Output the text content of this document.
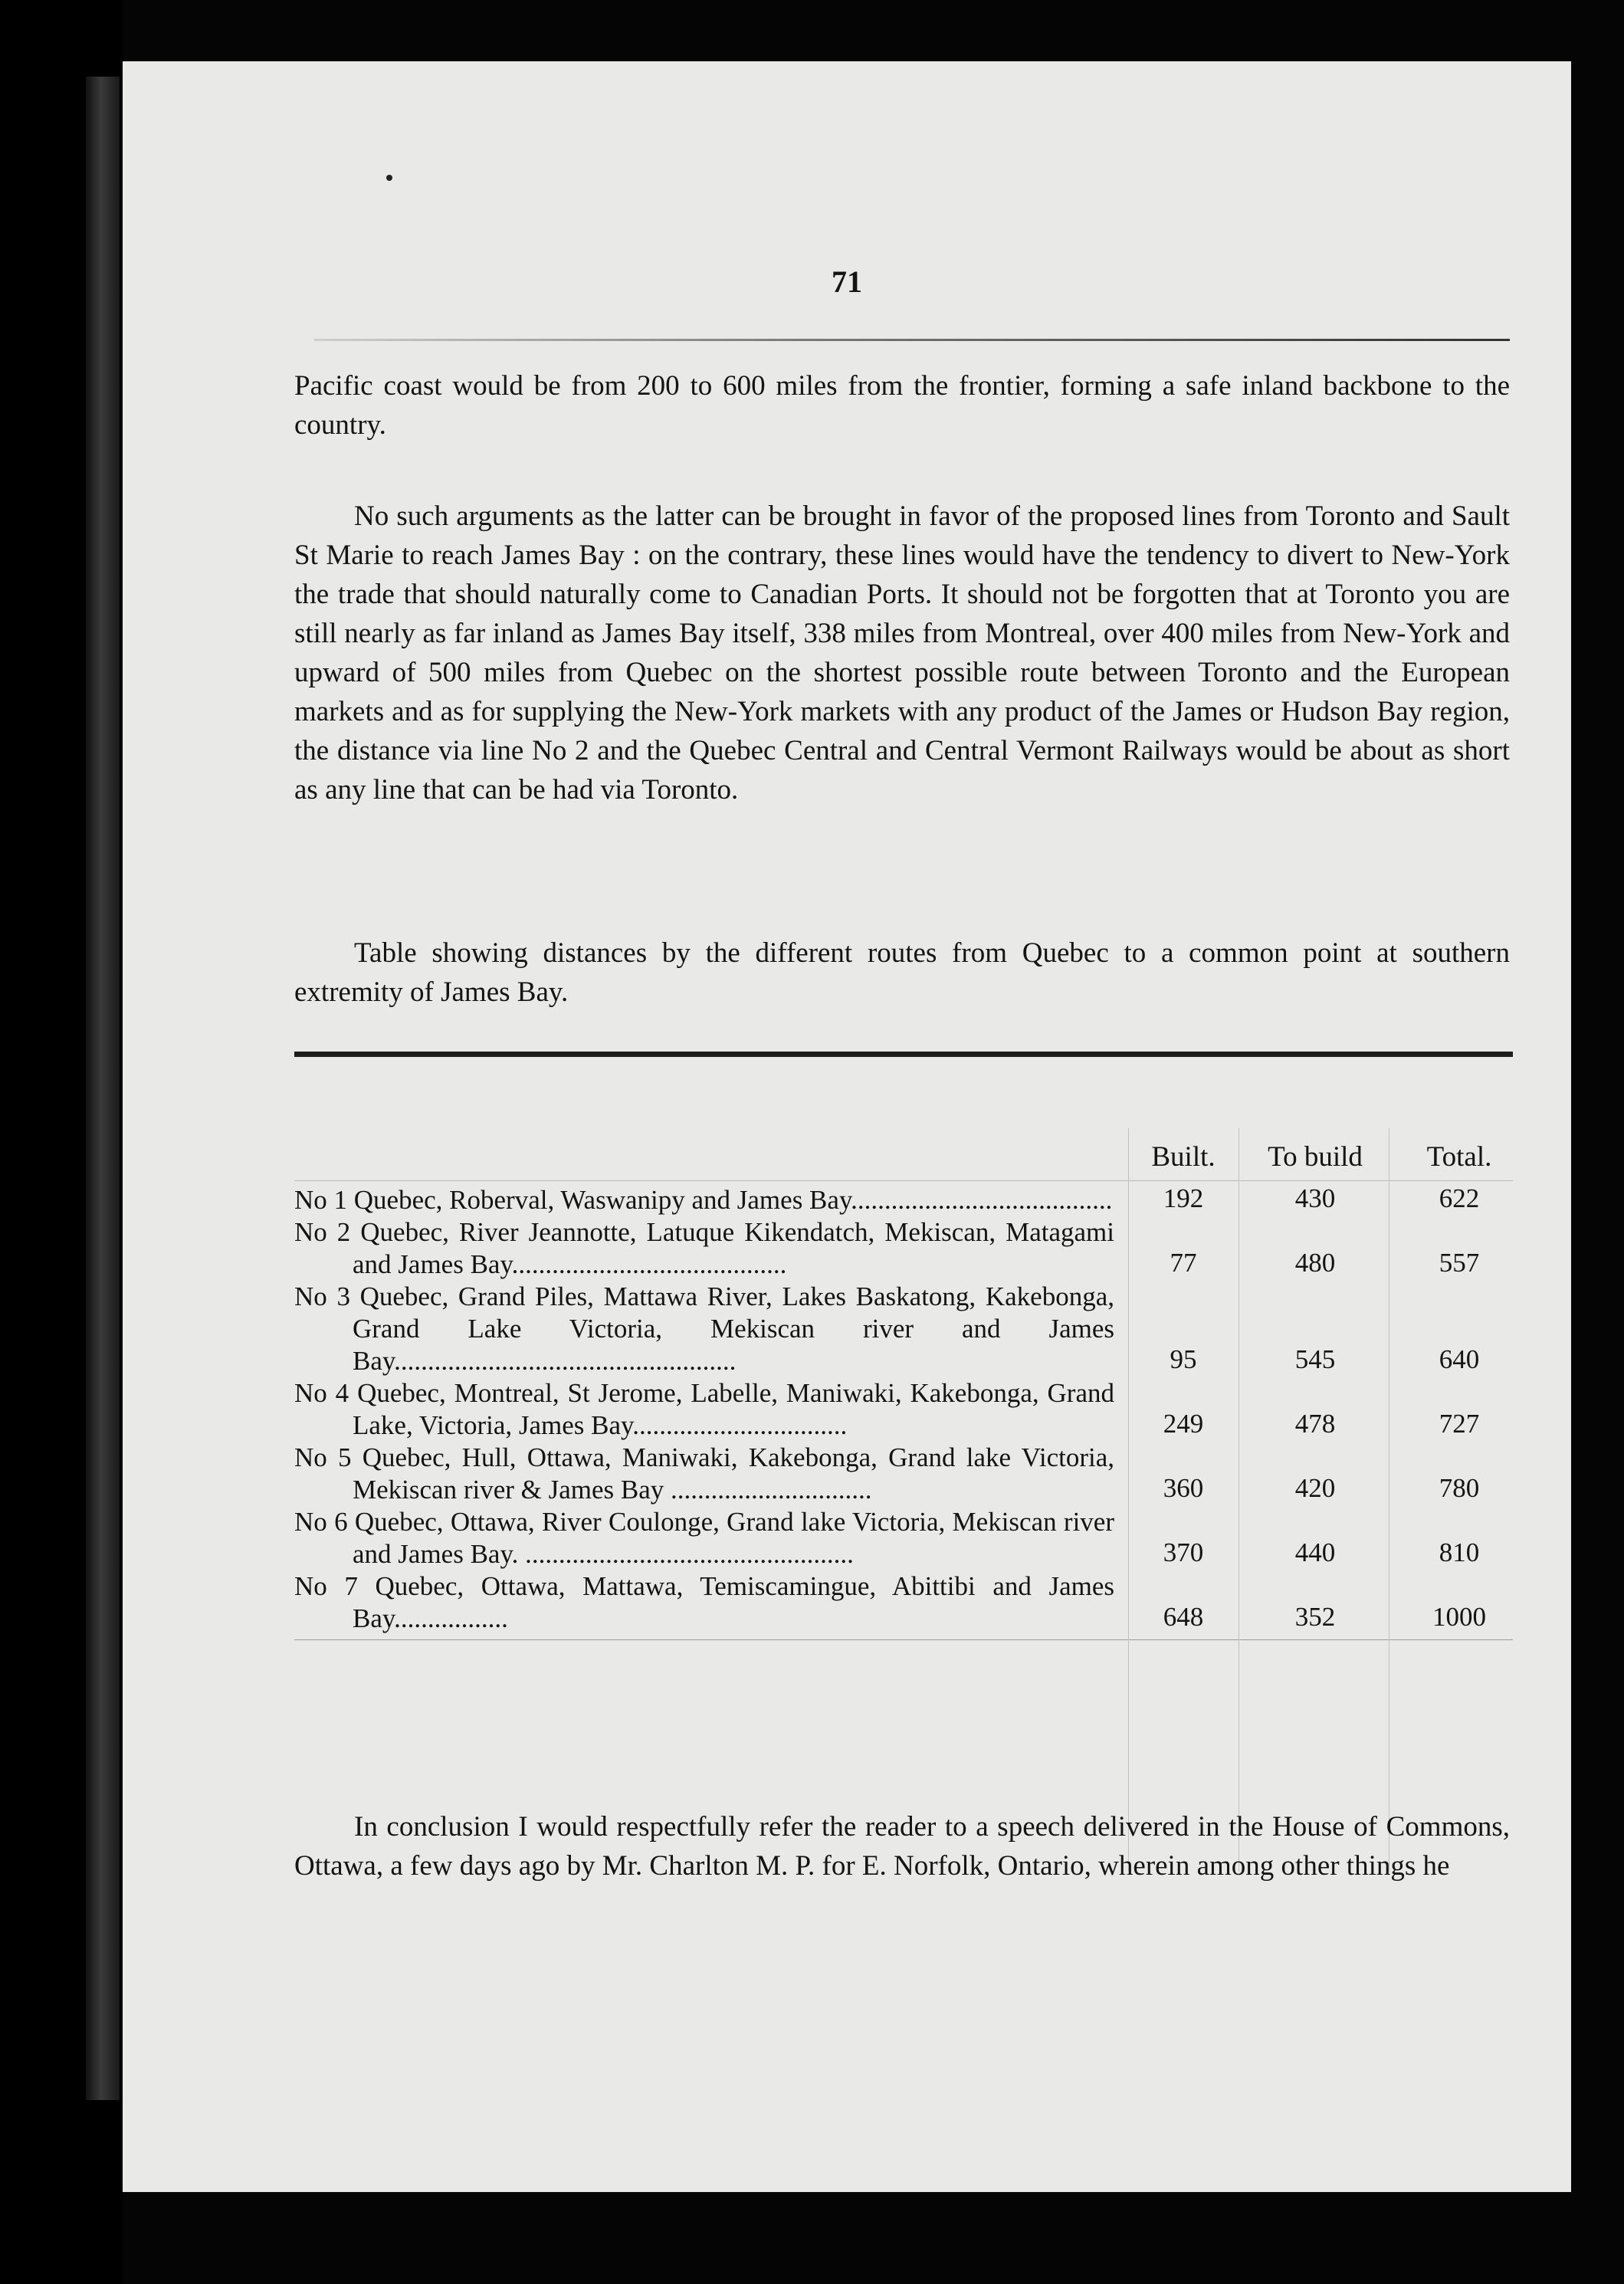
71

Pacific coast would be from 200 to 600 miles from the frontier, forming a safe inland backbone to the country.

No such arguments as the latter can be brought in favor of the proposed lines from Toronto and Sault St Marie to reach James Bay : on the contrary, these lines would have the tendency to divert to New-York the trade that should naturally come to Canadian Ports. It should not be forgotten that at Toronto you are still nearly as far inland as James Bay itself, 338 miles from Montreal, over 400 miles from New-York and upward of 500 miles from Quebec on the shortest possible route between Toronto and the European markets and as for supplying the New-York markets with any product of the James or Hudson Bay region, the distance via line No 2 and the Quebec Central and Central Vermont Railways would be about as short as any line that can be had via Toronto.

Table showing distances by the different routes from Quebec to a common point at southern extremity of James Bay.

Built.	To build	Total.
No 1 Quebec, Roberval, Waswanipy and James Bay.......................................	192	430	622
No 2 Quebec, River Jeannotte, Latuque Kikendatch, Mekiscan, Matagami and James Bay.........................................	77	480	557
No 3 Quebec, Grand Piles, Mattawa River, Lakes Baskatong, Kakebonga, Grand Lake Victoria, Mekiscan river and James Bay...................................................	95	545	640
No 4 Quebec, Montreal, St Jerome, Labelle, Maniwaki, Kakebonga, Grand Lake, Victoria, James Bay................................	249	478	727
No 5 Quebec, Hull, Ottawa, Maniwaki, Kakebonga, Grand lake Victoria, Mekiscan river & James Bay ..............................	360	420	780
No 6 Quebec, Ottawa, River Coulonge, Grand lake Victoria, Mekiscan river and James Bay. .................................................	370	440	810
No 7 Quebec, Ottawa, Mattawa, Temiscamingue, Abittibi and James Bay.................	648	352	1000

In conclusion I would respectfully refer the reader to a speech delivered in the House of Commons, Ottawa, a few days ago by Mr. Charlton M. P. for E. Norfolk, Ontario, wherein among other things he
